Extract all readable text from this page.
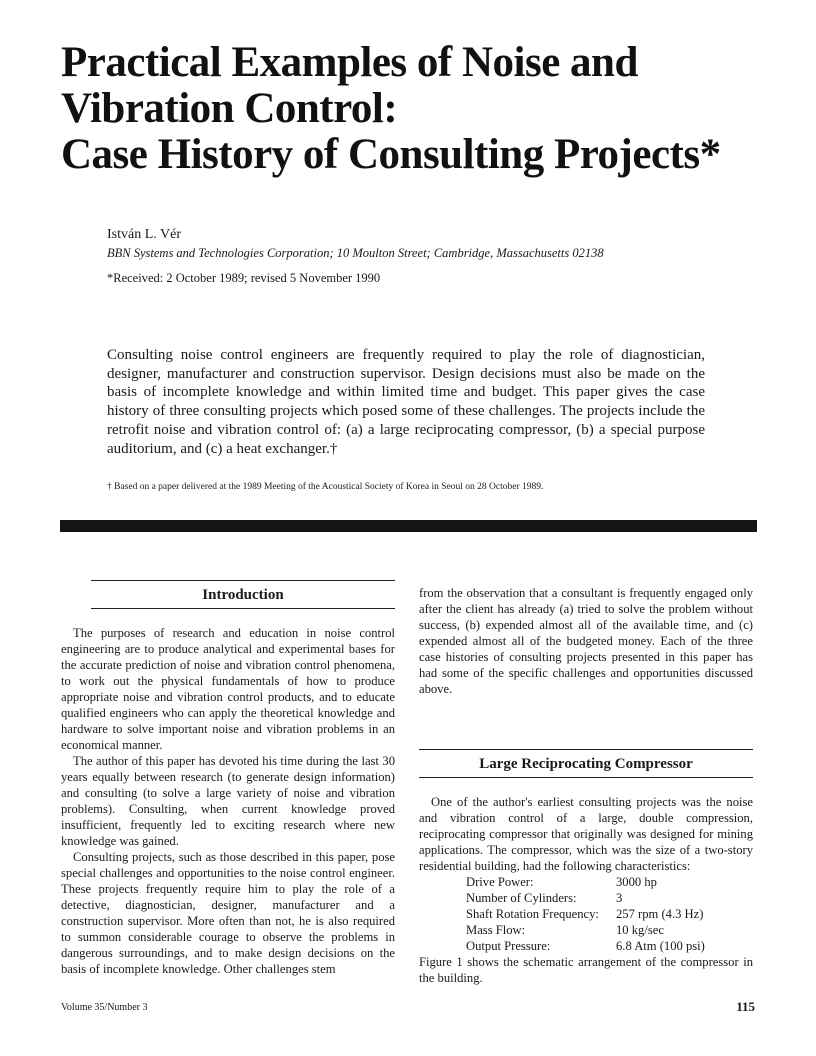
Practical Examples of Noise and
Vibration Control:
Case History of Consulting Projects*
István L. Vér
BBN Systems and Technologies Corporation; 10 Moulton Street; Cambridge, Massachusetts 02138
*Received: 2 October 1989; revised 5 November 1990

Consulting noise control engineers are frequently required to play the role of diagnostician, designer, manufacturer and construction supervisor. Design decisions must also be made on the basis of incomplete knowledge and within limited time and budget. This paper gives the case history of three consulting projects which posed some of these challenges. The projects include the retrofit noise and vibration control of: (a) a large reciprocating compressor, (b) a special purpose auditorium, and (c) a heat exchanger.†

† Based on a paper delivered at the 1989 Meeting of the Acoustical Society of Korea in Seoul on 28 October 1989.
Introduction

The purposes of research and education in noise control engineering are to produce analytical and experimental bases for the accurate prediction of noise and vibration control phenomena, to work out the physical fundamentals of how to produce appropriate noise and vibration control products, and to educate qualified engineers who can apply the theoretical knowledge and hardware to solve important noise and vibration problems in an economical manner.

The author of this paper has devoted his time during the last 30 years equally between research (to generate design information) and consulting (to solve a large variety of noise and vibration problems). Consulting, when current knowledge proved insufficient, frequently led to exciting research where new knowledge was gained.

Consulting projects, such as those described in this paper, pose special challenges and opportunities to the noise control engineer. These projects frequently require him to play the role of a detective, diagnostician, designer, manufacturer and a construction supervisor. More often than not, he is also required to summon considerable courage to observe the problems in dangerous surroundings, and to make design decisions on the basis of incomplete knowledge. Other challenges stem

from the observation that a consultant is frequently engaged only after the client has already (a) tried to solve the problem without success, (b) expended almost all of the available time, and (c) expended almost all of the budgeted money. Each of the three case histories of consulting projects presented in this paper has had some of the specific challenges and opportunities discussed above.

Large Reciprocating Compressor

One of the author's earliest consulting projects was the noise and vibration control of a large, double compression, reciprocating compressor that originally was designed for mining applications. The compressor, which was the size of a two-story residential building, had the following characteristics:

Drive Power:	3000 hp
Number of Cylinders:	3
Shaft Rotation Frequency:	257 rpm (4.3 Hz)
Mass Flow:	10 kg/sec
Output Pressure:	6.8 Atm (100 psi)

Figure 1 shows the schematic arrangement of the compressor in the building.

Volume 35/Number 3	115
